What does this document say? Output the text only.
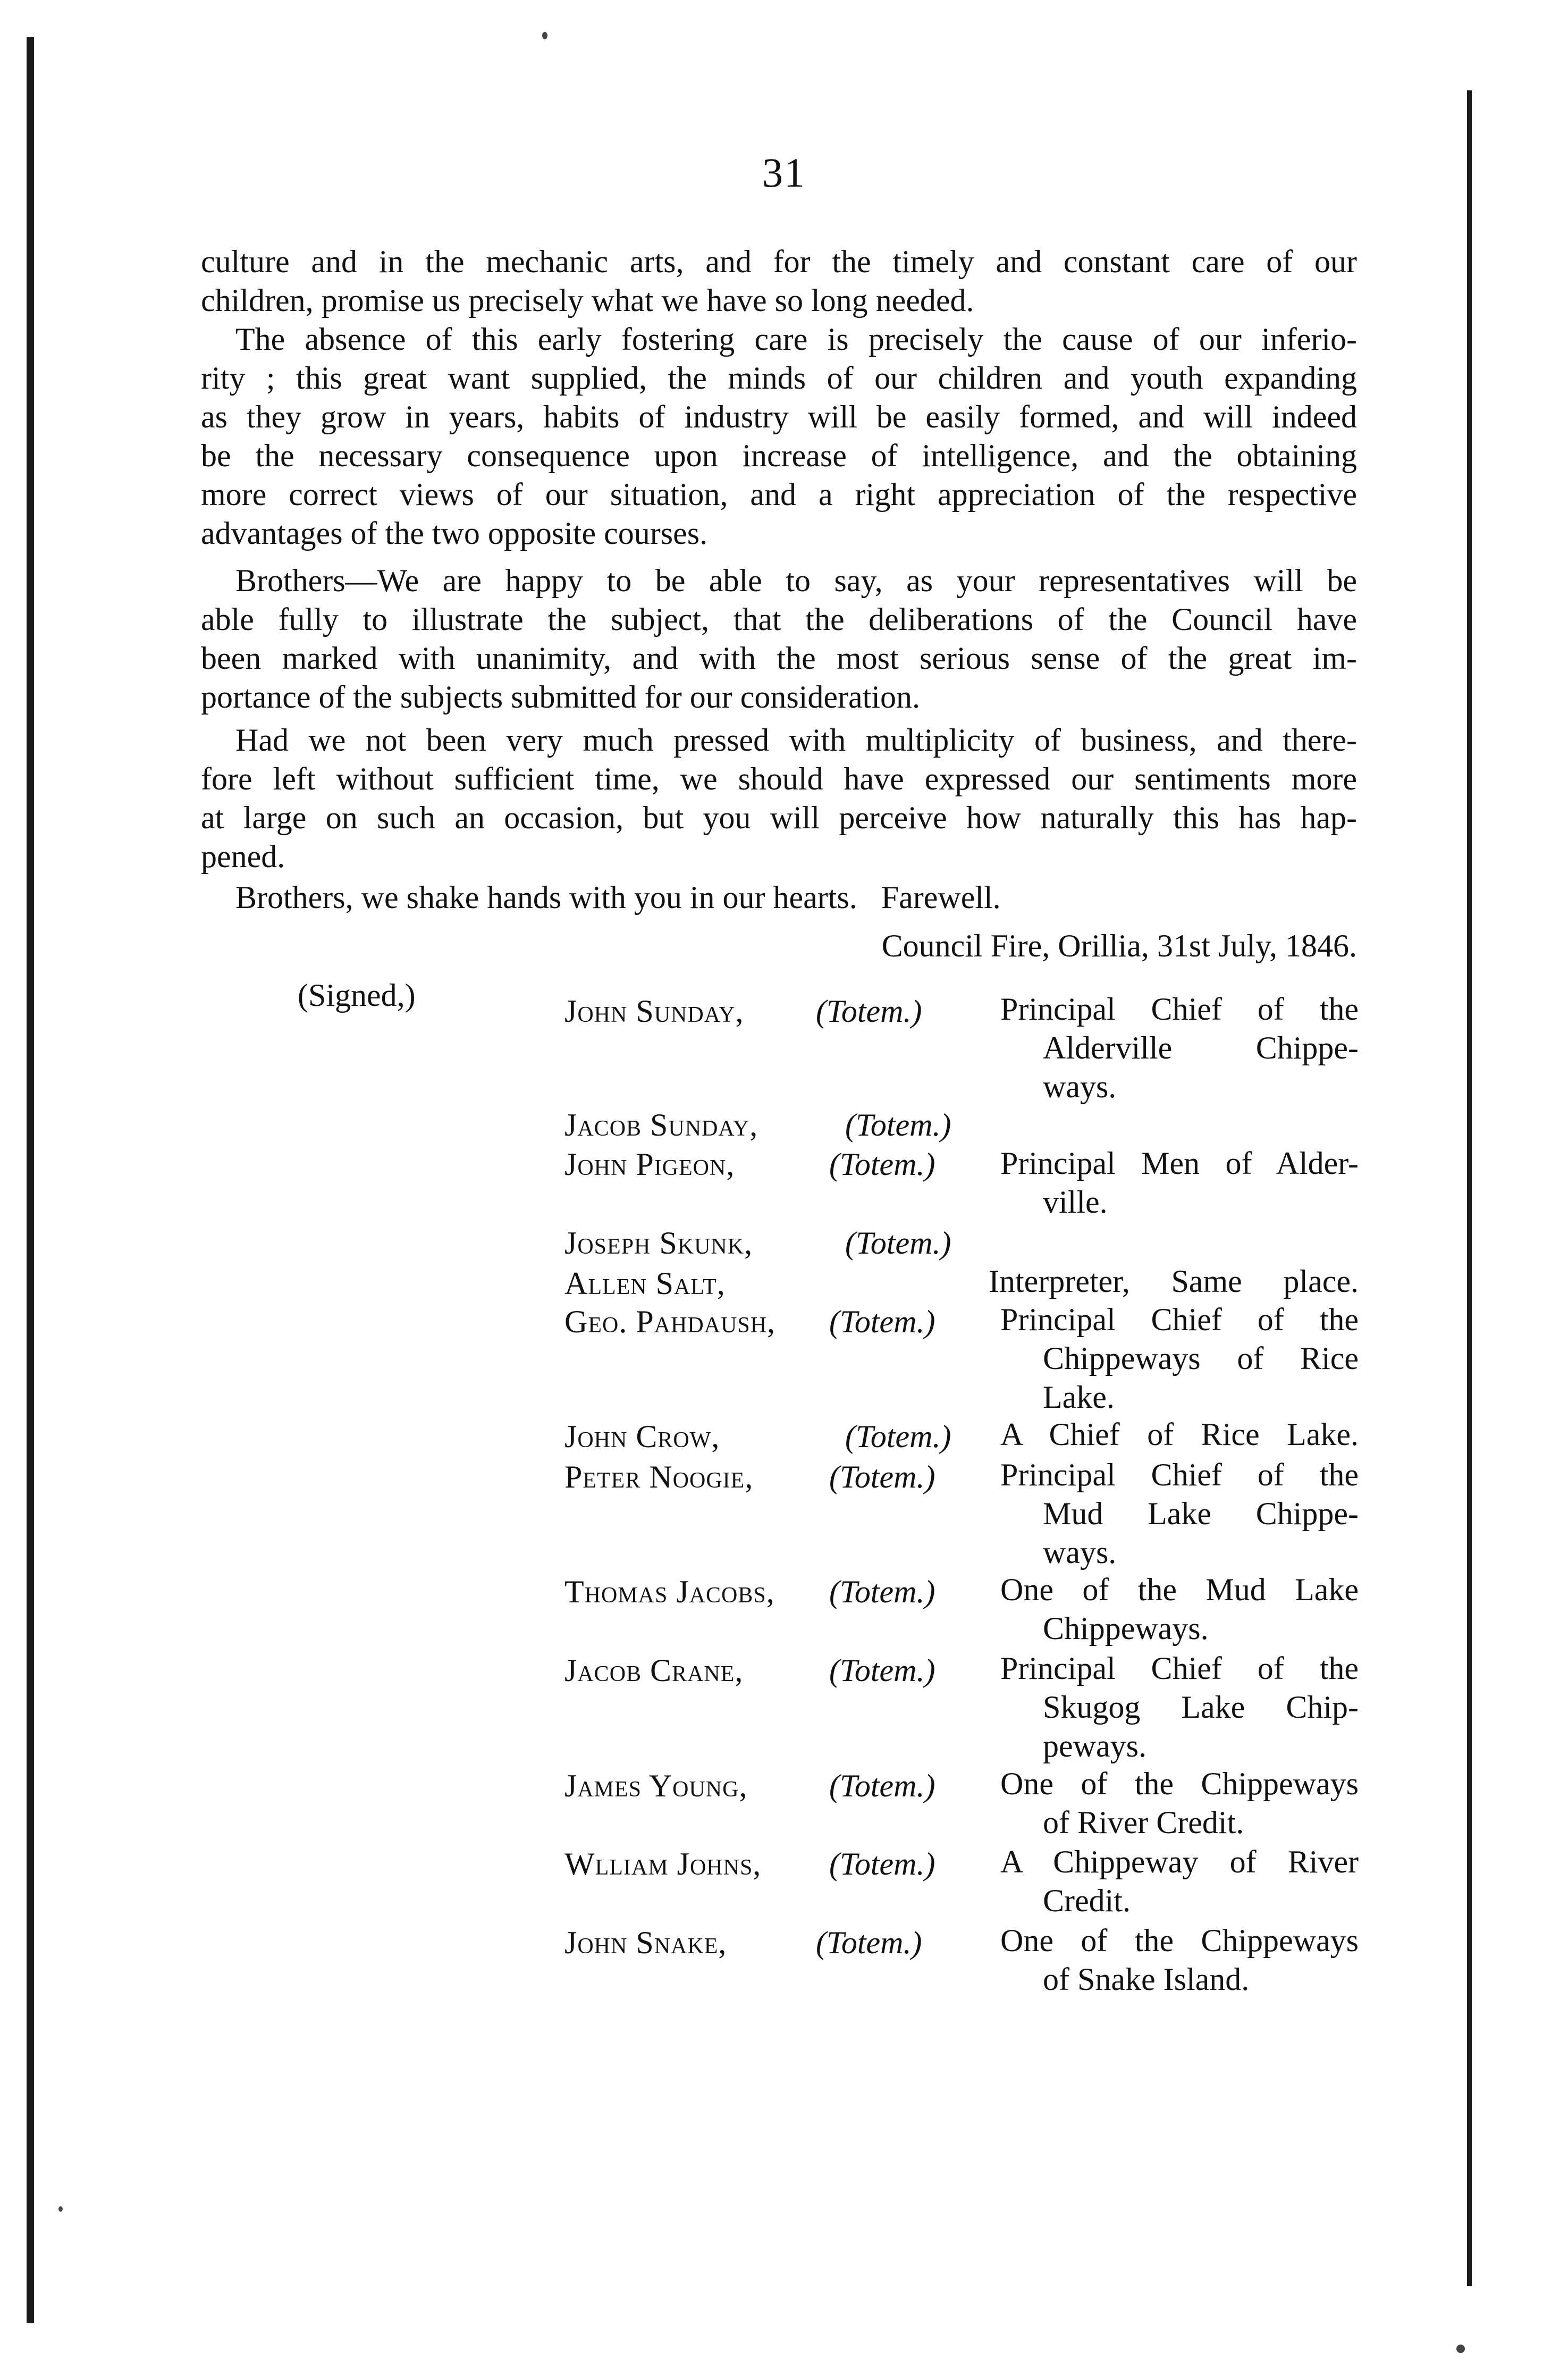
31
culture and in the mechanic arts, and for the timely and constant care of our
children, promise us precisely what we have so long needed.
The absence of this early fostering care is precisely the cause of our inferio-
rity ; this great want supplied, the minds of our children and youth expanding
as they grow in years, habits of industry will be easily formed, and will indeed
be the necessary consequence upon increase of intelligence, and the obtaining
more correct views of our situation, and a right appreciation of the respective
advantages of the two opposite courses.
Brothers—We are happy to be able to say, as your representatives will be
able fully to illustrate the subject, that the deliberations of the Council have
been marked with unanimity, and with the most serious sense of the great im-
portance of the subjects submitted for our consideration.
Had we not been very much pressed with multiplicity of business, and there-
fore left without sufficient time, we should have expressed our sentiments more
at large on such an occasion, but you will perceive how naturally this has hap-
pened.
Brothers, we shake hands with you in our hearts.   Farewell.
Council Fire, Orillia, 31st July, 1846.
(Signed,)	John Sunday, (Totem.) Principal Chief of the
Alderville Chippe-
ways.
Jacob Sunday,	(Totem.)
John Pigeon,	(Totem.) Principal Men of Alder-
ville.
Joseph Skunk,	(Totem.)
Allen Salt,	Interpreter, Same place.
Geo. Pahdaush, (Totem.) Principal Chief of the
Chippeways of Rice
Lake.
John Crow,	(Totem.) A Chief of Rice Lake.
Peter Noogie, (Totem.) Principal Chief of the
Mud Lake Chippe-
ways.
Thomas Jacobs, (Totem.) One of the Mud Lake
Chippeways.
Jacob Crane,	(Totem.) Principal Chief of the
Skugog Lake Chip-
peways.
James Young,	(Totem.) One of the Chippeways
of River Credit.
Wlliam Johns, (Totem.) A Chippeway of River
Credit.
John Snake,	(Totem.) One of the Chippeways
of Snake Island.
